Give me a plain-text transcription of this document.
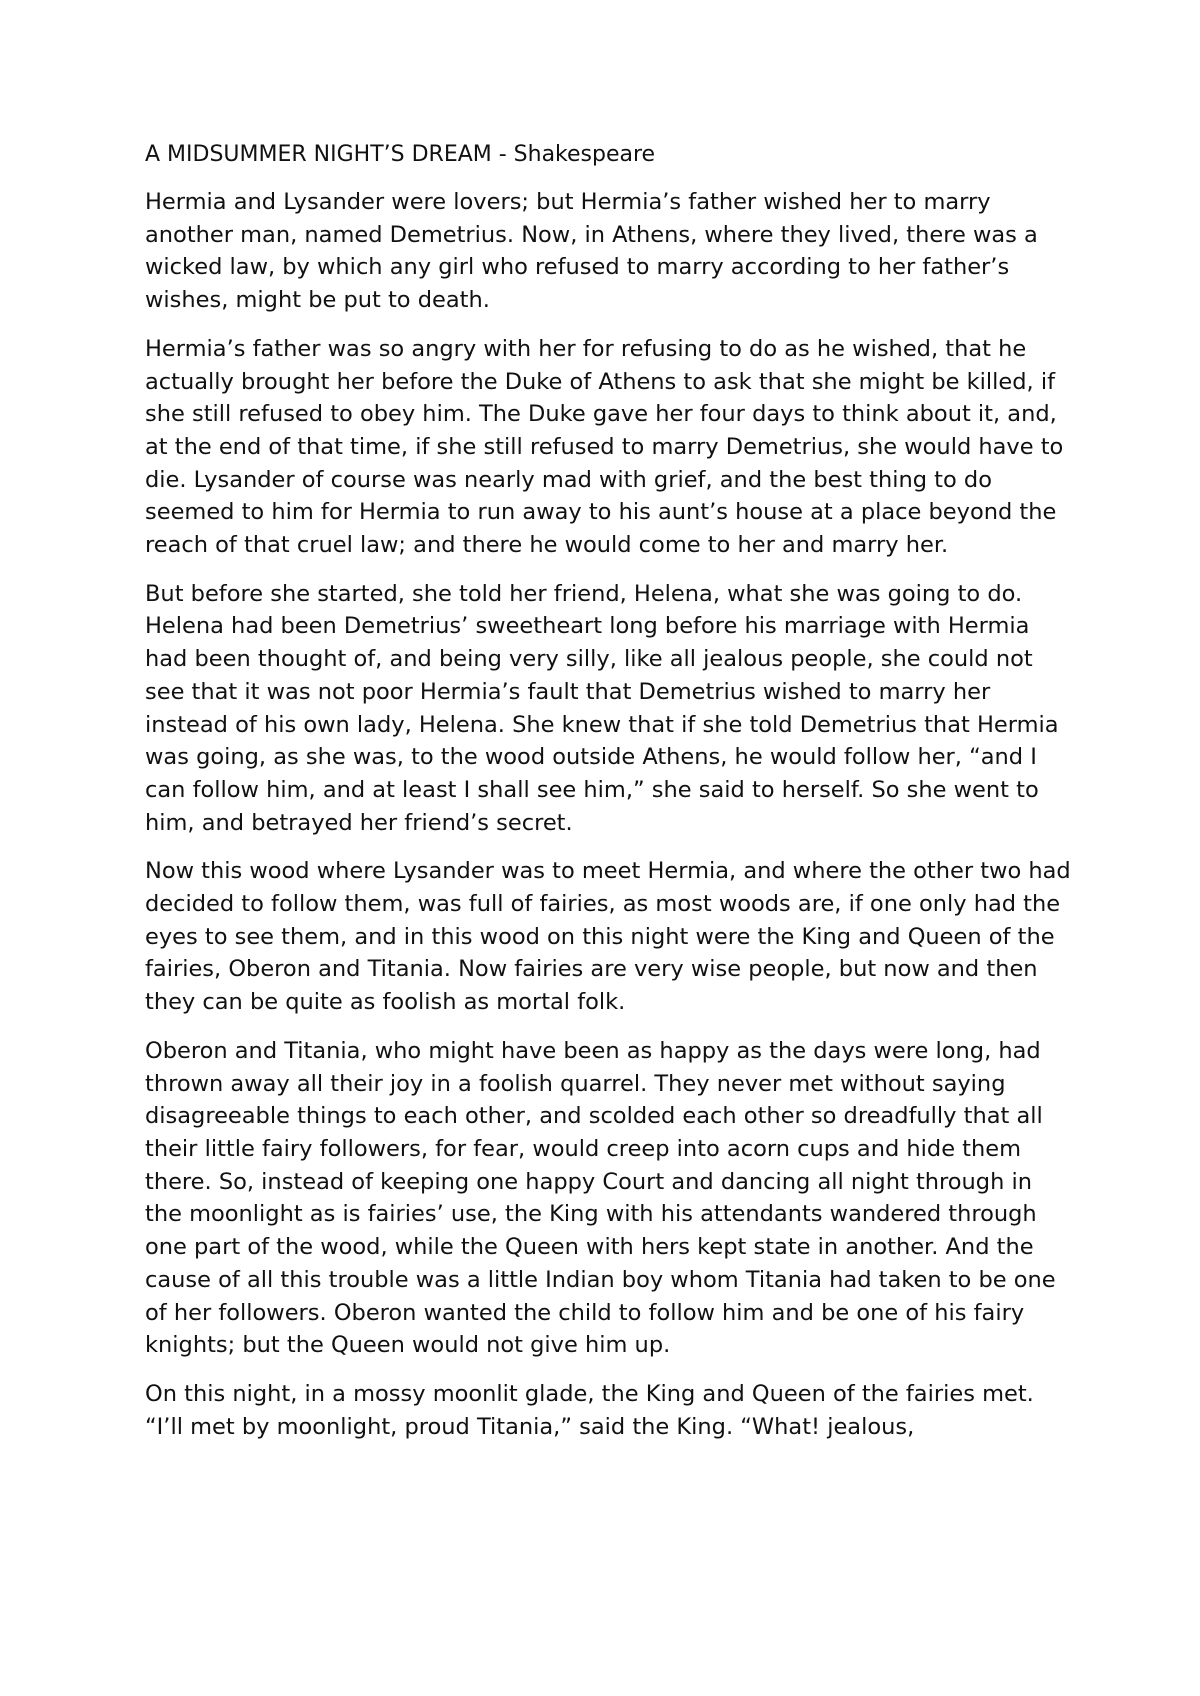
A MIDSUMMER NIGHT’S DREAM - Shakespeare

Hermia and Lysander were lovers; but Hermia’s father wished her to marry another man, named Demetrius. Now, in Athens, where they lived, there was a wicked law, by which any girl who refused to marry according to her father’s wishes, might be put to death.

Hermia’s father was so angry with her for refusing to do as he wished, that he actually brought her before the Duke of Athens to ask that she might be killed, if she still refused to obey him. The Duke gave her four days to think about it, and, at the end of that time, if she still refused to marry Demetrius, she would have to die. Lysander of course was nearly mad with grief, and the best thing to do seemed to him for Hermia to run away to his aunt’s house at a place beyond the reach of that cruel law; and there he would come to her and marry her.

But before she started, she told her friend, Helena, what she was going to do. Helena had been Demetrius’ sweetheart long before his marriage with Hermia had been thought of, and being very silly, like all jealous people, she could not see that it was not poor Hermia’s fault that Demetrius wished to marry her instead of his own lady, Helena. She knew that if she told Demetrius that Hermia was going, as she was, to the wood outside Athens, he would follow her, “and I can follow him, and at least I shall see him,” she said to herself. So she went to him, and betrayed her friend’s secret.

Now this wood where Lysander was to meet Hermia, and where the other two had decided to follow them, was full of fairies, as most woods are, if one only had the eyes to see them, and in this wood on this night were the King and Queen of the fairies, Oberon and Titania. Now fairies are very wise people, but now and then they can be quite as foolish as mortal folk.

Oberon and Titania, who might have been as happy as the days were long, had thrown away all their joy in a foolish quarrel. They never met without saying disagreeable things to each other, and scolded each other so dreadfully that all their little fairy followers, for fear, would creep into acorn cups and hide them there. So, instead of keeping one happy Court and dancing all night through in the moonlight as is fairies’ use, the King with his attendants wandered through one part of the wood, while the Queen with hers kept state in another. And the cause of all this trouble was a little Indian boy whom Titania had taken to be one of her followers. Oberon wanted the child to follow him and be one of his fairy knights; but the Queen would not give him up.

On this night, in a mossy moonlit glade, the King and Queen of the fairies met. “I’ll met by moonlight, proud Titania,” said the King. “What! jealous,
